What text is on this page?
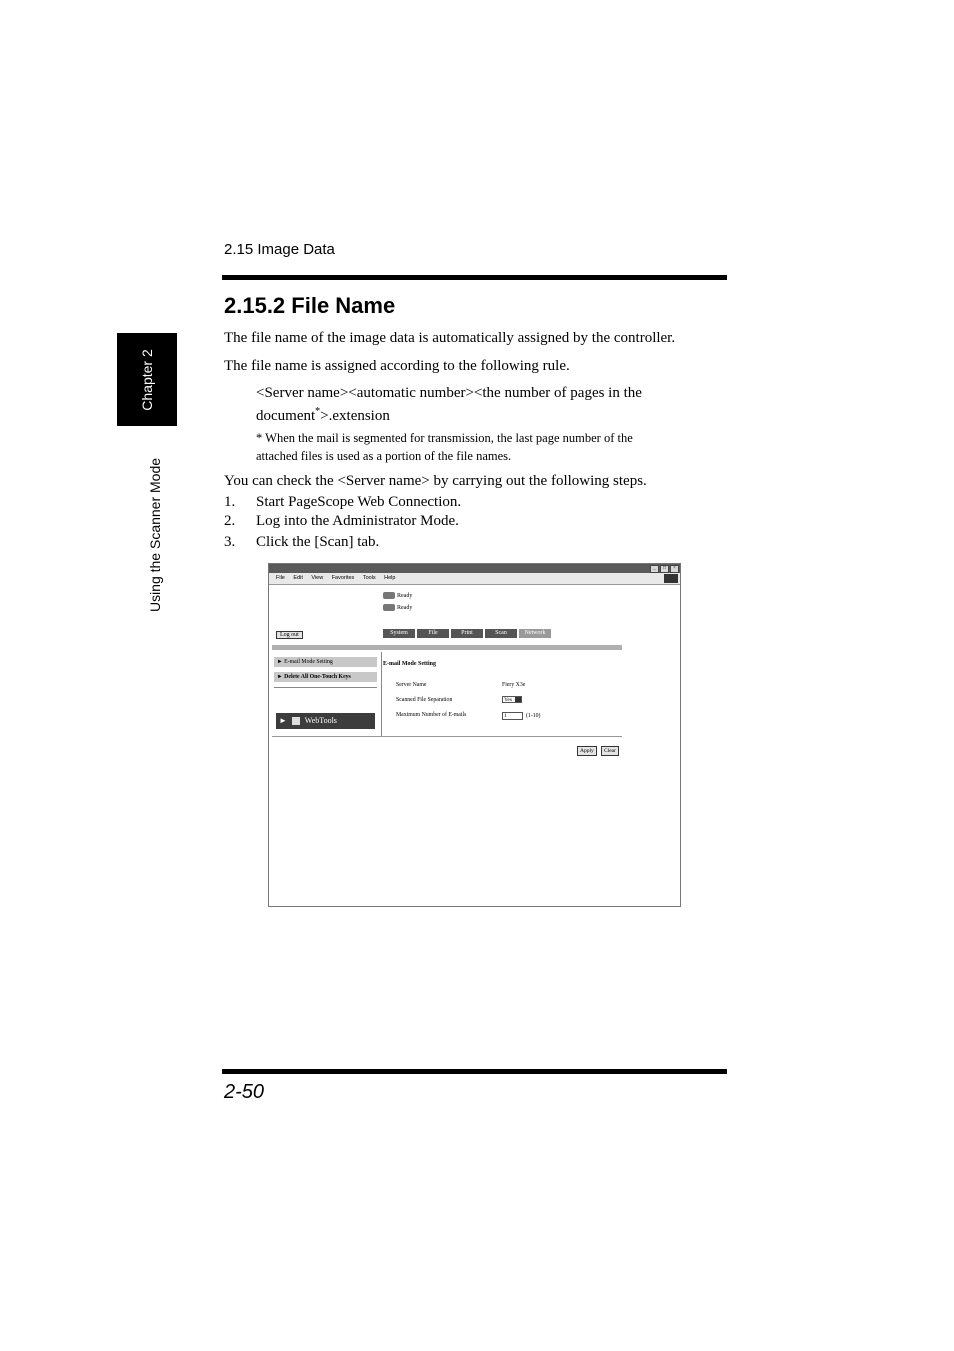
Chapter 2
Using the Scanner Mode
2.15 Image Data
2.15.2 File Name
The file name of the image data is automatically assigned by the controller.
The file name is assigned according to the following rule.
<Server name><automatic number><the number of pages in the
document*>.extension
* When the mail is segmented for transmission, the last page number of the
attached files is used as a portion of the file names.
You can check the <Server name> by carrying out the following steps.
1. Start PageScope Web Connection.
2. Log into the Administrator Mode.
3. Click the [Scan] tab.
_ □ ×
File Edit View Favorites Tools Help
Ready
Ready
Log out	System	File	Print	Scan	Network
► E-mail Mode Setting
► Delete All One-Touch Keys
► WebTools
E-mail Mode Setting
Server Name	Fiery X3e
Scanned File Separation	Yes
Maximum Number of E-mails	1	(1-10)
Apply	Clear
2-50
